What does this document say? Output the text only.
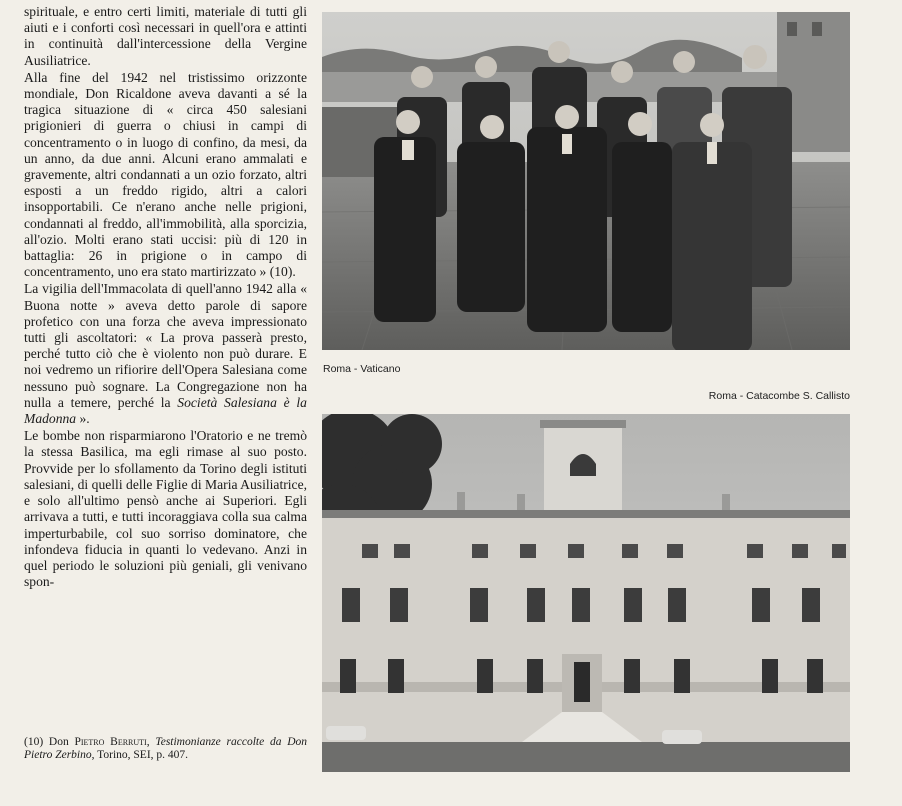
spirituale, e entro certi limiti, materiale di tutti gli aiuti e i conforti così necessari in quell'ora e attinti in continuità dall'intercessione della Vergine Ausiliatrice.

Alla fine del 1942 nel tristissimo orizzonte mondiale, Don Ricaldone aveva davanti a sé la tragica situazione di « circa 450 salesiani prigionieri di guerra o chiusi in campi di concentramento o in luogo di confino, da mesi, da un anno, da due anni. Alcuni erano ammalati e gravemente, altri condannati a un ozio forzato, altri esposti a un freddo rigido, altri a calori insopportabili. Ce n'erano anche nelle prigioni, condannati al freddo, all'immobilità, alla sporcizia, all'ozio. Molti erano stati uccisi: più di 120 in battaglia: 26 in prigione o in campo di concentramento, uno era stato martirizzato » (10).

La vigilia dell'Immacolata di quell'anno 1942 alla « Buona notte » aveva detto parole di sapore profetico con una forza che aveva impressionato tutti gli ascoltatori: « La prova passerà presto, perché tutto ciò che è violento non può durare. E noi vedremo un rifiorire dell'Opera Salesiana come nessuno può sognare. La Congregazione non ha nulla a temere, perché la Società Salesiana è la Madonna ».

Le bombe non risparmiarono l'Oratorio e ne tremò la stessa Basilica, ma egli rimase al suo posto. Provvide per lo sfollamento da Torino degli istituti salesiani, di quelli delle Figlie di Maria Ausiliatrice, e solo all'ultimo pensò anche ai Superiori. Egli arrivava a tutti, e tutti incoraggiava colla sua calma imperturbabile, col suo sorriso dominatore, che infondeva fiducia in quanti lo vedevano. Anzi in quel periodo le soluzioni più geniali, gli venivano spon-

(10) Don Pietro Berruti, Testimonianze raccolte da Don Pietro Zerbino, Torino, SEI, p. 407.
Roma - Vaticano
Roma - Catacombe S. Callisto
